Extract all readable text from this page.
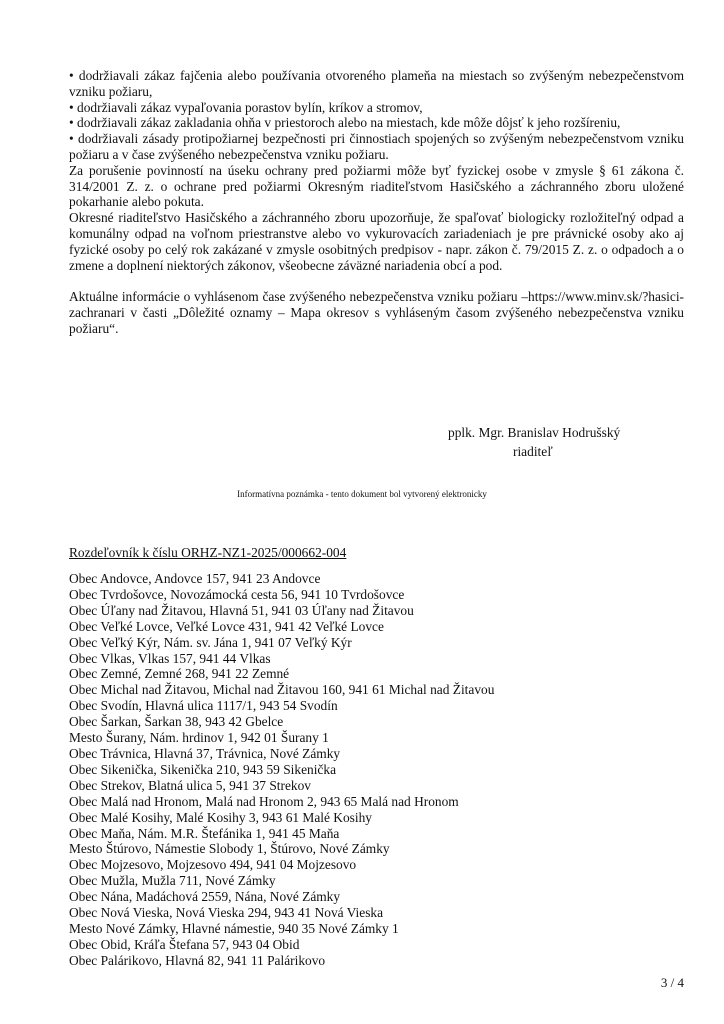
• dodržiavali zákaz fajčenia alebo používania otvoreného plameňa na miestach so zvýšeným nebezpečenstvom vzniku požiaru,

• dodržiavali zákaz vypaľovania porastov bylín, kríkov a stromov,

• dodržiavali zákaz zakladania ohňa v priestoroch alebo na miestach, kde môže dôjsť k jeho rozšíreniu,

• dodržiavali zásady protipožiarnej bezpečnosti pri činnostiach spojených so zvýšeným nebezpečenstvom vzniku požiaru a v čase zvýšeného nebezpečenstva vzniku požiaru.

Za porušenie povinností na úseku ochrany pred požiarmi môže byť fyzickej osobe v zmysle § 61 zákona č. 314/2001 Z. z. o ochrane pred požiarmi Okresným riaditeľstvom Hasičského a záchranného zboru uložené pokarhanie alebo pokuta.

Okresné riaditeľstvo Hasičského a záchranného zboru upozorňuje, že spaľovať biologicky rozložiteľný odpad a komunálny odpad na voľnom priestranstve alebo vo vykurovacích zariadeniach je pre právnické osoby ako aj fyzické osoby po celý rok zakázané v zmysle osobitných predpisov - napr. zákon č. 79/2015 Z. z. o odpadoch a o zmene a doplnení niektorých zákonov, všeobecne záväzné nariadenia obcí a pod.

Aktuálne informácie o vyhlásenom čase zvýšeného nebezpečenstva vzniku požiaru –https://www.minv.sk/?hasici-zachranari v časti „Dôležité oznamy – Mapa okresov s vyhláseným časom zvýšeného nebezpečenstva vzniku požiaru“.

pplk. Mgr. Branislav Hodrušský
riaditeľ
Informatívna poznámka - tento dokument bol vytvorený elektronicky

Rozdeľovník k číslu ORHZ-NZ1-2025/000662-004

Obec Andovce, Andovce 157, 941 23 Andovce
Obec Tvrdošovce, Novozámocká cesta 56, 941 10 Tvrdošovce
Obec Úľany nad Žitavou, Hlavná 51, 941 03 Úľany nad Žitavou
Obec Veľké Lovce, Veľké Lovce 431, 941 42 Veľké Lovce
Obec Veľký Kýr, Nám. sv. Jána 1, 941 07 Veľký Kýr
Obec Vlkas, Vlkas 157, 941 44 Vlkas
Obec Zemné, Zemné 268, 941 22 Zemné
Obec Michal nad Žitavou, Michal nad Žitavou 160, 941 61 Michal nad Žitavou
Obec Svodín, Hlavná ulica 1117/1, 943 54 Svodín
Obec Šarkan, Šarkan 38, 943 42 Gbelce
Mesto Šurany, Nám. hrdinov 1, 942 01 Šurany 1
Obec Trávnica, Hlavná 37, Trávnica, Nové Zámky
Obec Sikenička, Sikenička 210, 943 59 Sikenička
Obec Strekov, Blatná ulica 5, 941 37 Strekov
Obec Malá nad Hronom, Malá nad Hronom 2, 943 65 Malá nad Hronom
Obec Malé Kosihy, Malé Kosihy 3, 943 61 Malé Kosihy
Obec Maňa, Nám. M.R. Štefánika 1, 941 45 Maňa
Mesto Štúrovo, Námestie Slobody 1, Štúrovo, Nové Zámky
Obec Mojzesovo, Mojzesovo 494, 941 04 Mojzesovo
Obec Mužla, Mužla 711, Nové Zámky
Obec Nána, Madáchová 2559, Nána, Nové Zámky
Obec Nová Vieska, Nová Vieska 294, 943 41 Nová Vieska
Mesto Nové Zámky, Hlavné námestie, 940 35 Nové Zámky 1
Obec Obid, Kráľa Štefana 57, 943 04 Obid
Obec Palárikovo, Hlavná 82, 941 11 Palárikovo
3 / 4
